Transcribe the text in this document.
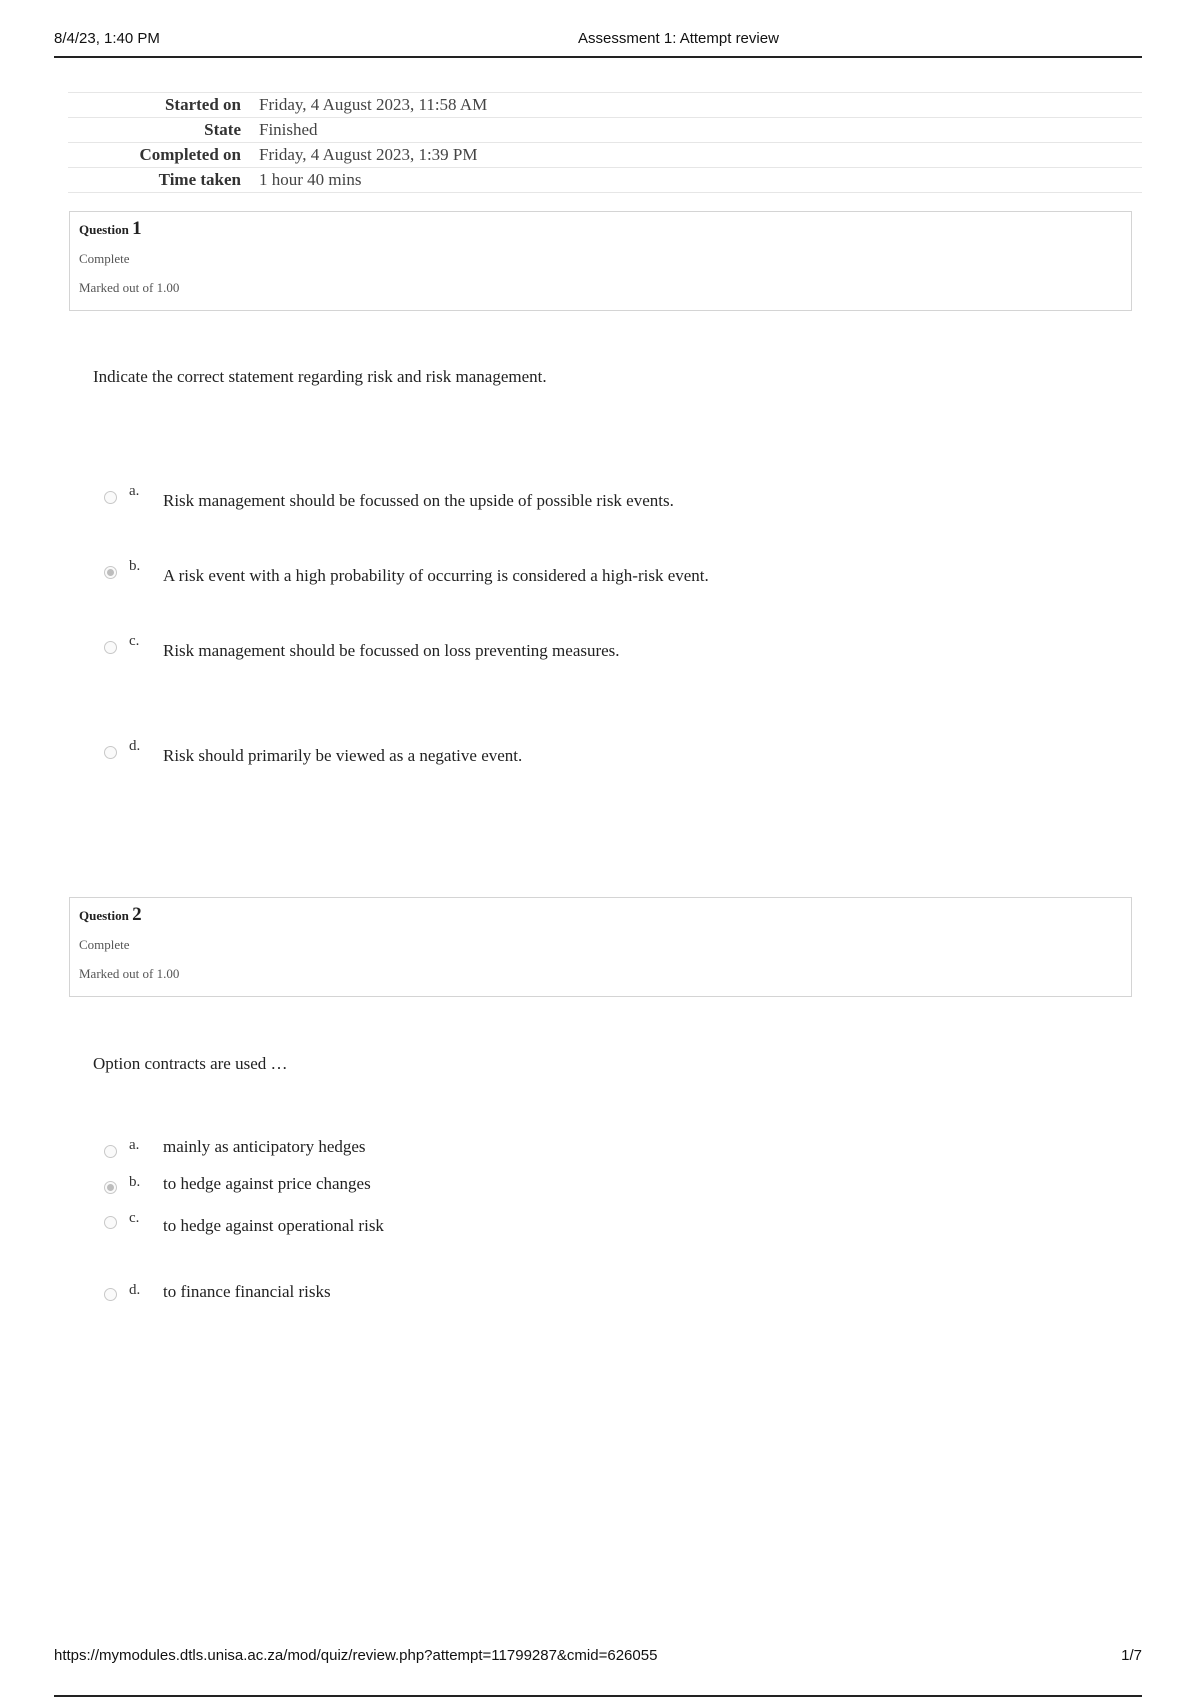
8/4/23, 1:40 PM	Assessment 1: Attempt review
Started on	Friday, 4 August 2023, 11:58 AM
State	Finished
Completed on	Friday, 4 August 2023, 1:39 PM
Time taken	1 hour 40 mins
Question 1
Complete
Marked out of 1.00
Indicate the correct statement regarding risk and risk management.
a. Risk management should be focussed on the upside of possible risk events.
b. A risk event with a high probability of occurring is considered a high-risk event.
c. Risk management should be focussed on loss preventing measures.
d. Risk should primarily be viewed as a negative event.
Question 2
Complete
Marked out of 1.00
Option contracts are used …
a. mainly as anticipatory hedges
b. to hedge against price changes
c. to hedge against operational risk
d. to finance financial risks
https://mymodules.dtls.unisa.ac.za/mod/quiz/review.php?attempt=11799287&cmid=626055	1/7
